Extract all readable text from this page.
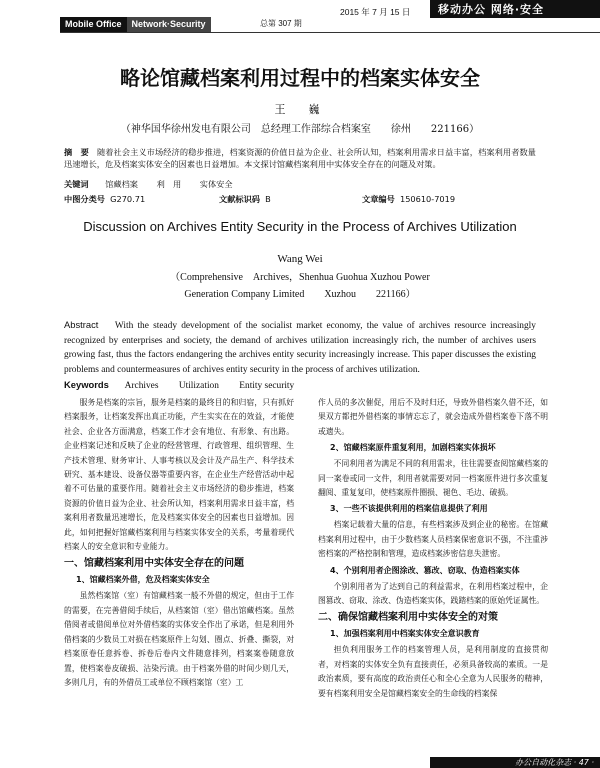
Mobile Office	Network·Security	总第 307 期
2015 年 7 月 15 日	移动办公 网络·安全
略论馆藏档案利用过程中的档案实体安全
王　巍
（神华国华徐州发电有限公司　总经理工作部综合档案室　　徐州　　221166）
摘　要 随着社会主义市场经济的稳步推进，档案资源的价值日益为企业、社会所认知，档案利用需求日益丰富，档案利用者数量迅速增长，危及档案实体安全的因素也日益增加。本文探讨馆藏档案利用中实体安全存在的问题及对策。
关键词 馆藏档案 利　用 实体安全
中图分类号 G270.71	文献标识码 B	文章编号 150610-7019
Discussion on Archives Entity Security in the Process of Archives Utilization
Wang Wei
（Comprehensive　Archives，Shenhua Guohua Xuzhou Power
Generation Company Limited　　Xuzhou　　221166）
Abstract With the steady development of the socialist market economy, the value of archives resource increasingly recognized by enterprises and society, the demand of archives utilization increasingly rich, the number of archives users growing fast, thus the factors endangering the archives entity security increasingly increase. This paper discusses the existing problems and countermeasures of archives entity security in the process of archives utilization.
Keywords Archives Utilization Entity security

服务是档案的宗旨，服务是档案的最终目的和归宿，只有抓好档案服务，让档案发挥出真正功能，产生实实在在的效益，才能使社会、企业各方面满意，档案工作才会有地位、有形象、有出路。企业档案记述和反映了企业的经营管理、行政管理、组织管理、生产技术管理、财务审计、人事考核以及会计及产品生产、科学技术研究、基本建设、设备仪器等重要内容，在企业生产经营活动中起着不可估量的重要作用。随着社会主义市场经济的稳步推进，档案资源的价值日益为企业、社会所认知，档案利用需求日益丰富，档案利用者数量迅速增长，危及档案实体安全的因素也日益增加。因此，如何把握好馆藏档案利用与档案实体安全的关系，考量着现代档案人的安全意识和专业能力。

一、馆藏档案利用中实体安全存在的问题
1、馆藏档案外借，危及档案实体安全

虽然档案馆（室）有馆藏档案一般不外借的规定，但由于工作的需要，在完善借阅手续后，从档案馆（室）借出馆藏档案。虽然借阅者或借阅单位对外借档案的实体安全作出了承诺，但是利用外借档案的少数员工对损在档案原件上勾划、圈点、折叠、撕裂，对档案原卷任意拆卷、拆卷后卷内文件随意排列，档案案卷随意放置，使档案卷皮破损、沾染污渍。由于档案外借的时间少则几天，多则几月，有的外借员工或单位不顾档案馆（室）工

作人员的多次催促，用后不及时归还，导致外借档案久借不还，如果双方都把外借档案的事情忘忘了，就会造成外借档案卷下落不明或遗失。

2、馆藏档案原件重复利用，加剧档案实体损坏

不同利用者为满足不同的利用需求，往往需要查阅馆藏档案的同一案卷或同一文件，利用者就需要对同一档案原件进行多次重复翻阅、重复复印，使档案原件圈损、褪色、毛边、破损。

3、一些不该提供利用的档案信息提供了利用

档案记载着大量的信息，有些档案涉及到企业的秘密。在馆藏档案利用过程中，由于少数档案人员档案保密意识不强，不注重涉密档案的严格控制和管理，造成档案涉密信息失泄密。

4、个别利用者企图涂改、篡改、窃取、伪造档案实体

个别利用者为了达到自己的利益需求，在利用档案过程中，企图篡改、窃取、涂改、伪造档案实体，践踏档案的原始凭证属性。

二、确保馆藏档案利用中实体安全的对策
1、加强档案利用中档案实体安全意识教育

担负利用服务工作的档案管理人员，是利用制度的直接贯彻者，对档案的实体安全负有直接责任，必须具备较高的素质。一是政治素质，要有高度的政治责任心和全心全意为人民服务的精神，要有档案利用安全是馆藏档案安全的生命线的档案保

办公自动化杂志 · 47 ·
